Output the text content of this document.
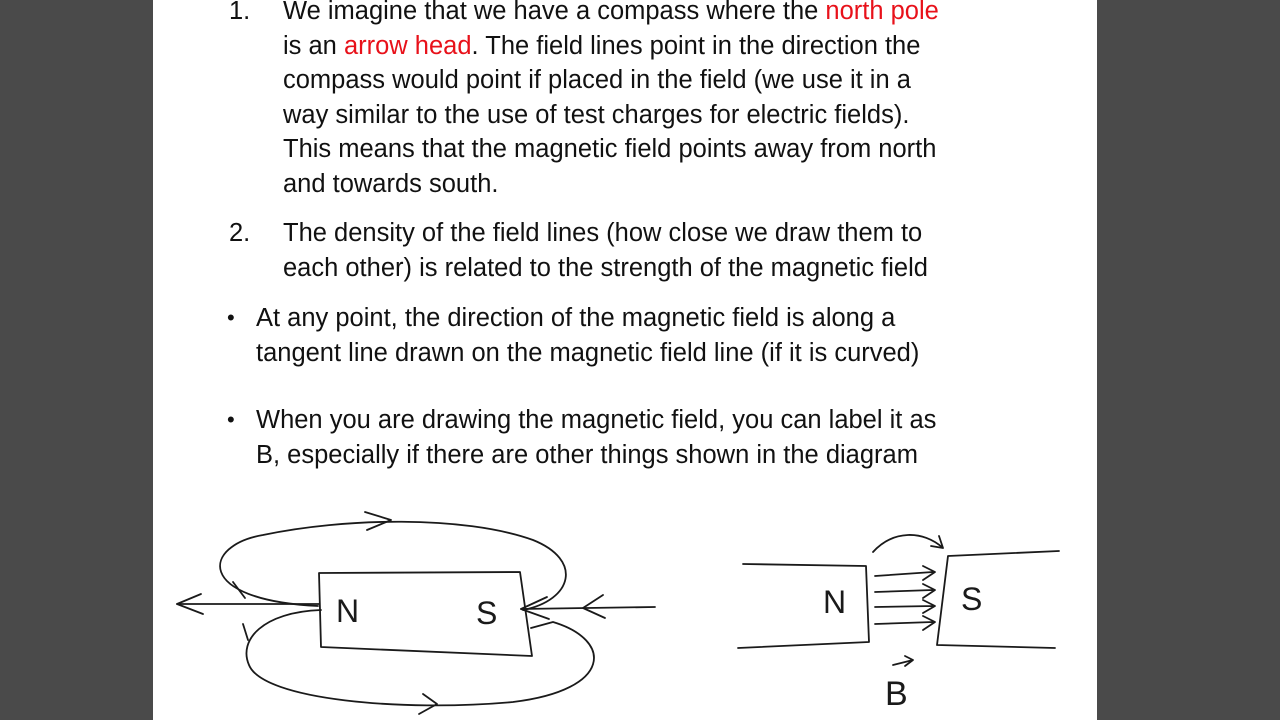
1.	We imagine that we have a compass where the north pole
is an arrow head. The field lines point in the direction the
compass would point if placed in the field (we use it in a
way similar to the use of test charges for electric fields).
This means that the magnetic field points away from north
and towards south.
2.	The density of the field lines (how close we draw them to
each other) is related to the strength of the magnetic field
• At any point, the direction of the magnetic field is along a
tangent line drawn on the magnetic field line (if it is curved)
• When you are drawing the magnetic field, you can label it as
B, especially if there are other things shown in the diagram
N	S	N	S
B
